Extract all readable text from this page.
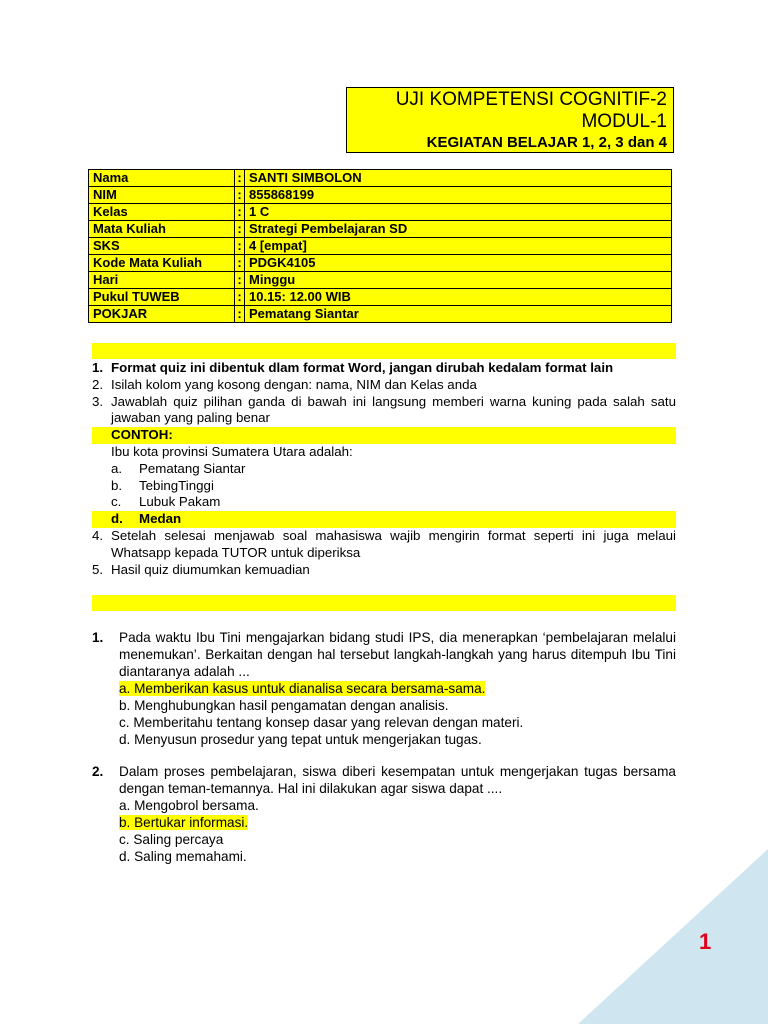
UJI KOMPETENSI COGNITIF-2
MODUL-1
KEGIATAN BELAJAR 1, 2, 3 dan 4
Nama	:	SANTI SIMBOLON
NIM	:	855868199
Kelas	:	1 C
Mata Kuliah	:	Strategi Pembelajaran SD
SKS	:	4 [empat]
Kode Mata Kuliah	:	PDGK4105
Hari	:	Minggu
Pukul TUWEB	:	10.15: 12.00 WIB
POKJAR	:	Pematang Siantar
1. Format quiz ini dibentuk dlam format Word, jangan dirubah kedalam format lain
2. Isilah kolom yang kosong dengan: nama, NIM dan Kelas anda
3. Jawablah quiz pilihan ganda di bawah ini langsung memberi warna kuning pada salah satu jawaban yang paling benar
CONTOH:
Ibu kota provinsi Sumatera Utara adalah:
a.	Pematang Siantar
b.	TebingTinggi
c.	Lubuk Pakam
d.	Medan
4. Setelah selesai menjawab soal mahasiswa wajib mengirin format seperti ini juga melaui Whatsapp kepada TUTOR untuk diperiksa
5. Hasil quiz diumumkan kemuadian
1. Pada waktu Ibu Tini mengajarkan bidang studi IPS, dia menerapkan ‘pembelajaran melalui menemukan’. Berkaitan dengan hal tersebut langkah-langkah yang harus ditempuh Ibu Tini diantaranya adalah ...
a. Memberikan kasus untuk dianalisa secara bersama-sama.
b. Menghubungkan hasil pengamatan dengan analisis.
c. Memberitahu tentang konsep dasar yang relevan dengan materi.
d. Menyusun prosedur yang tepat untuk mengerjakan tugas.
2. Dalam proses pembelajaran, siswa diberi kesempatan untuk mengerjakan tugas bersama dengan teman-temannya. Hal ini dilakukan agar siswa dapat ....
a. Mengobrol bersama.
b. Bertukar informasi.
c. Saling percaya
d. Saling memahami.
1
